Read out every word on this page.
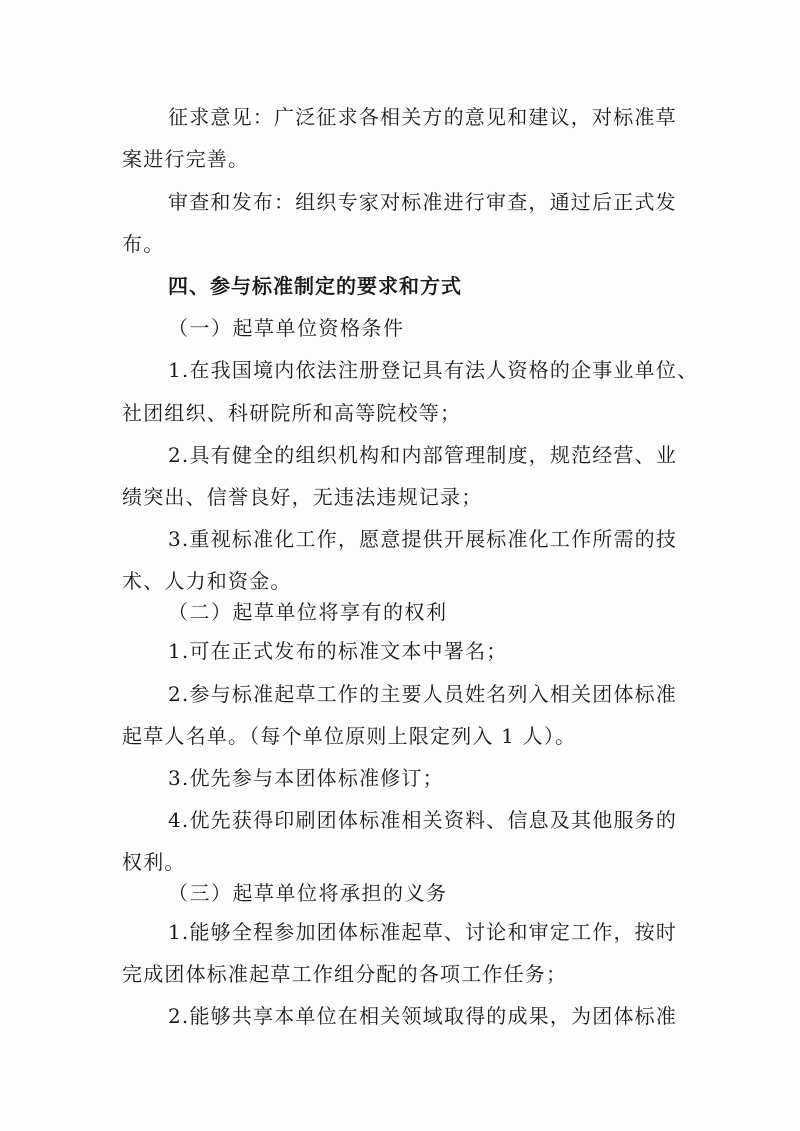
征求意见：广泛征求各相关方的意见和建议，对标准草

案进行完善。

审查和发布：组织专家对标准进行审查，通过后正式发

布。

四、参与标准制定的要求和方式

（一）起草单位资格条件

1.在我国境内依法注册登记具有法人资格的企事业单位、

社团组织、科研院所和高等院校等；

2.具有健全的组织机构和内部管理制度，规范经营、业

绩突出、信誉良好，无违法违规记录；

3.重视标准化工作，愿意提供开展标准化工作所需的技

术、人力和资金。

（二）起草单位将享有的权利

1.可在正式发布的标准文本中署名；

2.参与标准起草工作的主要人员姓名列入相关团体标准

起草人名单。（每个单位原则上限定列入 1 人）。

3.优先参与本团体标准修订；

4.优先获得印刷团体标准相关资料、信息及其他服务的

权利。

（三）起草单位将承担的义务

1.能够全程参加团体标准起草、讨论和审定工作，按时

完成团体标准起草工作组分配的各项工作任务；

2.能够共享本单位在相关领域取得的成果，为团体标准
